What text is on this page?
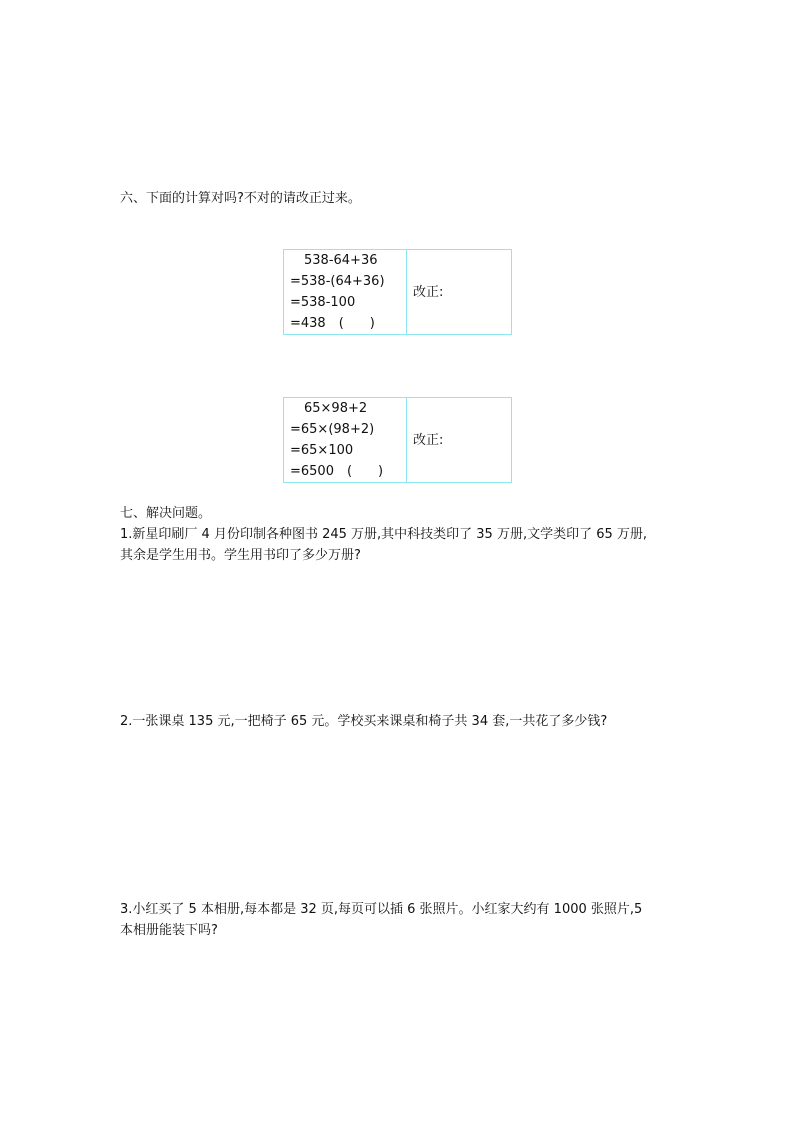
六、下面的计算对吗?不对的请改正过来。
538-64+36
=538-(64+36)
=538-100
=438　(　　)
	改正:
65×98+2
=65×(98+2)
=65×100
=6500　(　　)
	改正:
七、解决问题。
1.新星印刷厂 4 月份印制各种图书 245 万册,其中科技类印了 35 万册,文学类印了 65 万册,
其余是学生用书。学生用书印了多少万册?
2.一张课桌 135 元,一把椅子 65 元。学校买来课桌和椅子共 34 套,一共花了多少钱?
3.小红买了 5 本相册,每本都是 32 页,每页可以插 6 张照片。小红家大约有 1000 张照片,5
本相册能装下吗?
